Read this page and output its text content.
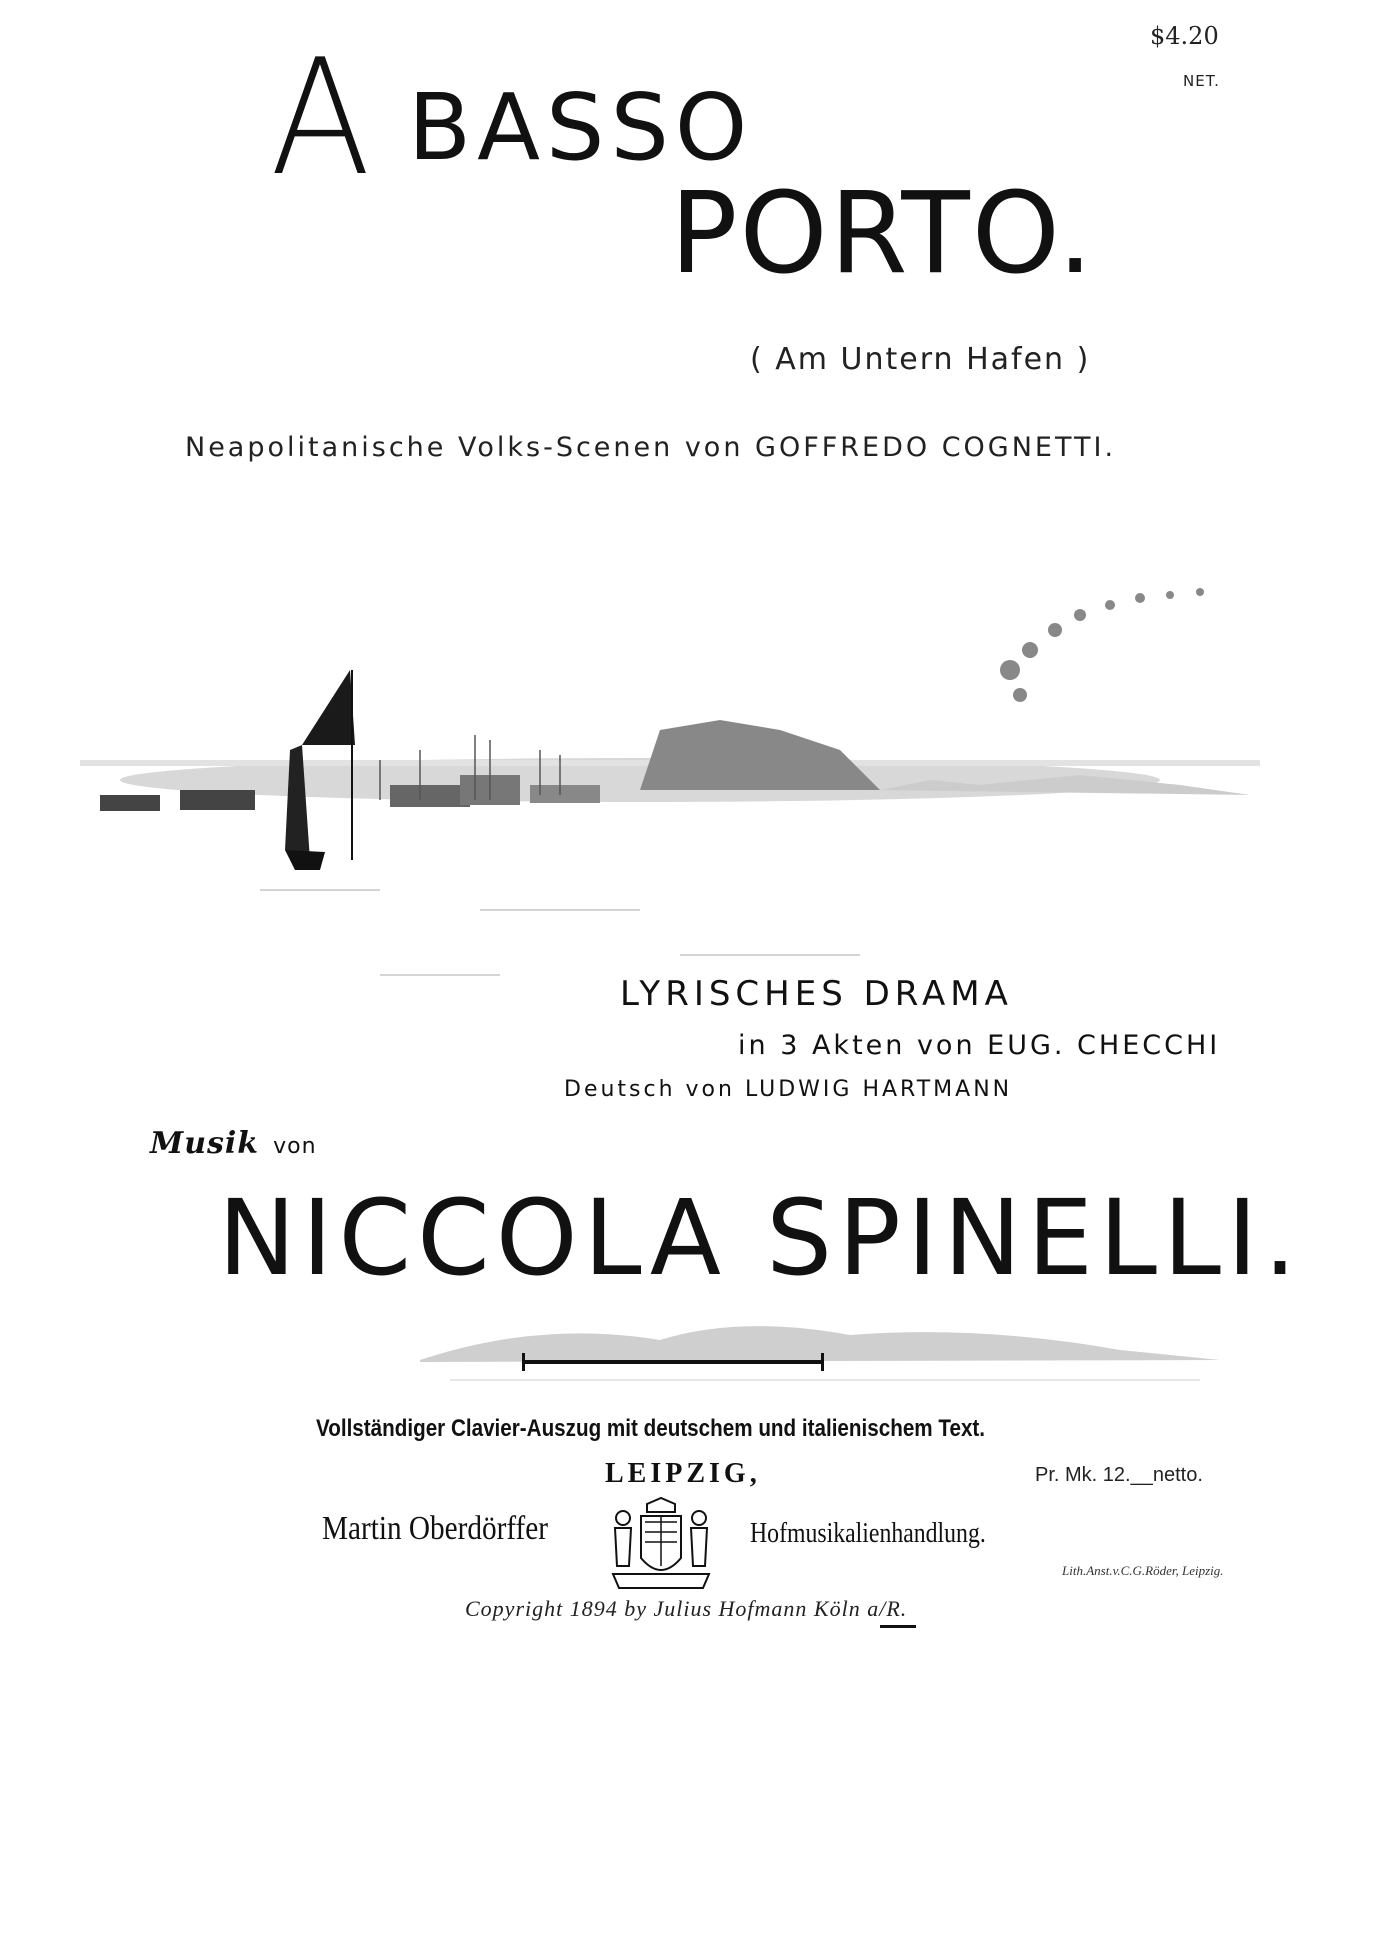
$4.20
NET.
A BASSO
PORTO.
( Am Untern Hafen )
Neapolitanische Volks-Scenen von GOFFREDO COGNETTI.
LYRISCHES DRAMA
in 3 Akten von EUG. CHECCHI
Deutsch von LUDWIG HARTMANN
Musik von
NICCOLA SPINELLI.
Vollständiger Clavier-Auszug mit deutschem und italienischem Text.
LEIPZIG,	Pr. Mk. 12.__netto.
Martin Oberdörffer	Hofmusikalienhandlung.
Lith.Anst.v.C.G.Röder, Leipzig.
Copyright 1894 by Julius Hofmann Köln a/R.
